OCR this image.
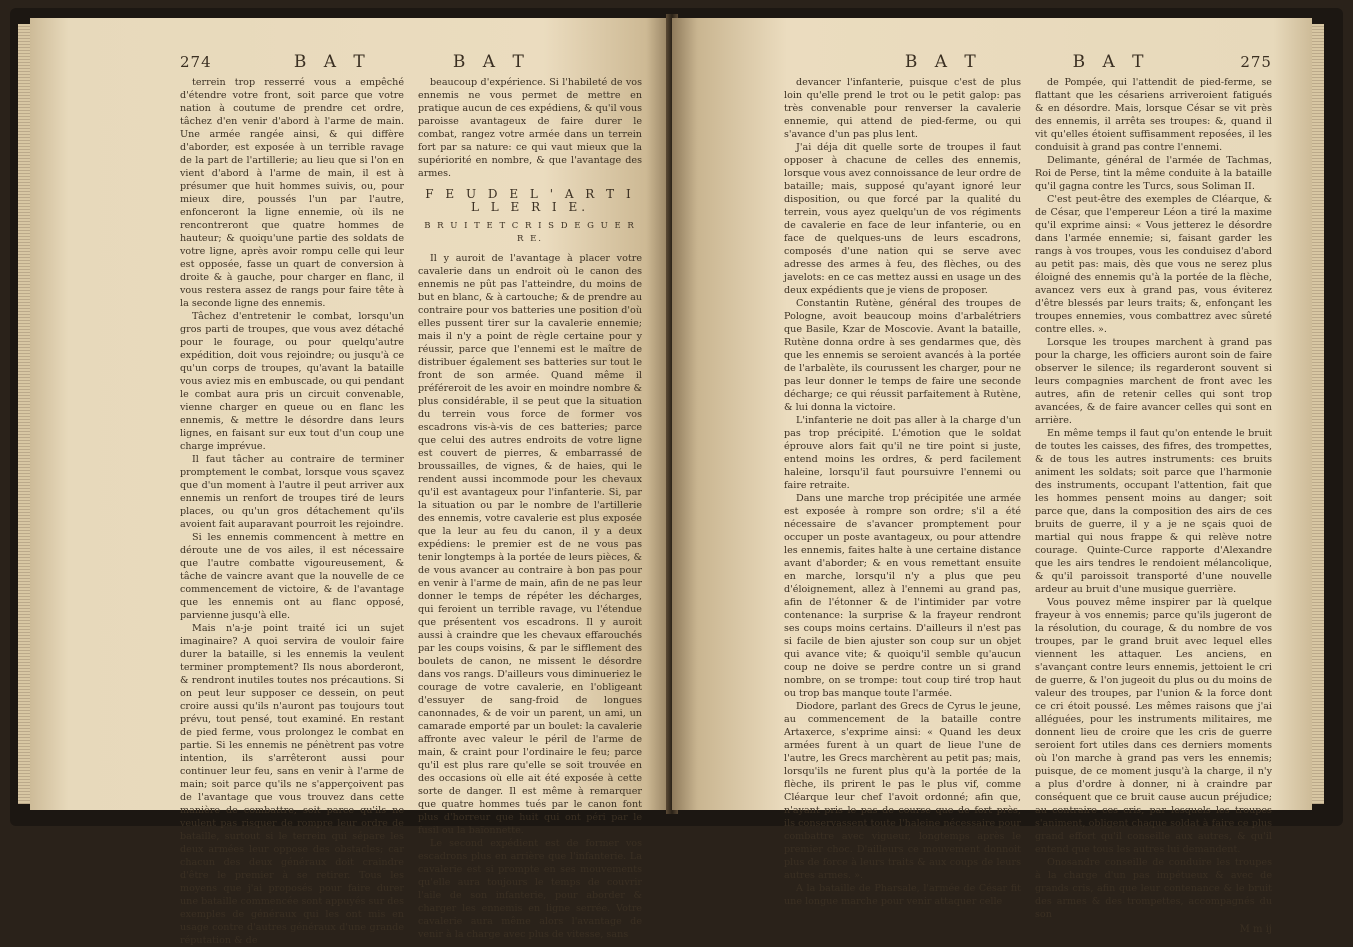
274	B A T	B A T

terrein trop resserré vous a empêché d'étendre votre front, soit parce que votre nation à coutume de prendre cet ordre, tâchez d'en venir d'abord à l'arme de main. Une armée rangée ainsi, & qui diffère d'aborder, est exposée à un terrible ravage de la part de l'artillerie; au lieu que si l'on en vient d'abord à l'arme de main, il est à présumer que huit hommes suivis, ou, pour mieux dire, poussés l'un par l'autre, enfonceront la ligne ennemie, où ils ne rencontreront que quatre hommes de hauteur; & quoiqu'une partie des soldats de votre ligne, après avoir rompu celle qui leur est opposée, fasse un quart de conversion à droite & à gauche, pour charger en flanc, il vous restera assez de rangs pour faire tête à la seconde ligne des ennemis.

Tâchez d'entretenir le combat, lorsqu'un gros parti de troupes, que vous avez détaché pour le fourage, ou pour quelqu'autre expédition, doit vous rejoindre; ou jusqu'à ce qu'un corps de troupes, qu'avant la bataille vous aviez mis en embuscade, ou qui pendant le combat aura pris un circuit convenable, vienne charger en queue ou en flanc les ennemis, & mettre le désordre dans leurs lignes, en faisant sur eux tout d'un coup une charge imprévue.

Il faut tâcher au contraire de terminer promptement le combat, lorsque vous sçavez que d'un moment à l'autre il peut arriver aux ennemis un renfort de troupes tiré de leurs places, ou qu'un gros détachement qu'ils avoient fait auparavant pourroit les rejoindre.

Si les ennemis commencent à mettre en déroute une de vos ailes, il est nécessaire que l'autre combatte vigoureusement, & tâche de vaincre avant que la nouvelle de ce commencement de victoire, & de l'avantage que les ennemis ont au flanc opposé, parvienne jusqu'à elle.

Mais n'a-je point traité ici un sujet imaginaire? A quoi servira de vouloir faire durer la bataille, si les ennemis la veulent terminer promptement? Ils nous aborderont, & rendront inutiles toutes nos précautions. Si on peut leur supposer ce dessein, on peut croire aussi qu'ils n'auront pas toujours tout prévu, tout pensé, tout examiné. En restant de pied ferme, vous prolongez le combat en partie. Si les ennemis ne pénètrent pas votre intention, ils s'arrêteront aussi pour continuer leur feu, sans en venir à l'arme de main; soit parce qu'ils ne s'apperçoivent pas de l'avantage que vous trouvez dans cette manière de combattre, soit parce qu'ils ne veulent pas risquer de rompre leur ordre de bataille, surtout si le terrein qui sépare les deux armées leur oppose des obstacles; car chacun des deux généraux doit craindre d'être le premier à se retirer. Tous les moyens que j'ai proposés pour faire durer une bataille commencée sont appuyés sur des exemples de généraux qui les ont mis en usage contre d'autres généraux d'une grande réputation & de

beaucoup d'expérience. Si l'habileté de vos ennemis ne vous permet de mettre en pratique aucun de ces expédiens, & qu'il vous paroisse avantageux de faire durer le combat, rangez votre armée dans un terrein fort par sa nature: ce qui vaut mieux que la supériorité en nombre, & que l'avantage des armes.

F E U D E L ' A R T I L L E R I E.
B R U I T E T C R I S D E G U E R R E.

Il y auroit de l'avantage à placer votre cavalerie dans un endroit où le canon des ennemis ne pût pas l'atteindre, du moins de but en blanc, & à cartouche; & de prendre au contraire pour vos batteries une position d'où elles pussent tirer sur la cavalerie ennemie; mais il n'y a point de règle certaine pour y réussir, parce que l'ennemi est le maître de distribuer également ses batteries sur tout le front de son armée. Quand même il préféreroit de les avoir en moindre nombre & plus considérable, il se peut que la situation du terrein vous force de former vos escadrons vis-à-vis de ces batteries; parce que celui des autres endroits de votre ligne est couvert de pierres, & embarrassé de broussailles, de vignes, & de haies, qui le rendent aussi incommode pour les chevaux qu'il est avantageux pour l'infanterie. Si, par la situation ou par le nombre de l'artillerie des ennemis, votre cavalerie est plus exposée que la leur au feu du canon, il y a deux expédiens: le premier est de ne vous pas tenir longtemps à la portée de leurs pièces, & de vous avancer au contraire à bon pas pour en venir à l'arme de main, afin de ne pas leur donner le temps de répéter les décharges, qui feroient un terrible ravage, vu l'étendue que présentent vos escadrons. Il y auroit aussi à craindre que les chevaux effarouchés par les coups voisins, & par le sifflement des boulets de canon, ne missent le désordre dans vos rangs. D'ailleurs vous diminueriez le courage de votre cavalerie, en l'obligeant d'essuyer de sang-froid de longues canonnades, & de voir un parent, un ami, un camarade emporté par un boulet: la cavalerie affronte avec valeur le péril de l'arme de main, & craint pour l'ordinaire le feu; parce qu'il est plus rare qu'elle se soit trouvée en des occasions où elle ait été exposée à cette sorte de danger. Il est même à remarquer que quatre hommes tués par le canon font plus d'horreur que huit qui ont péri par le fusil ou la baïonnette.

Le second expédient est de former vos escadrons plus en arrière que l'infanterie. La cavalerie est si prompte en ses mouvements qu'elle aura toujours le temps de couvrir l'aile de son infanterie, pour aborder & charger les ennemis en ligne serrée. Votre cavalerie aura même alors l'avantage de venir à la charge avec plus de vitesse, sans

B A T	B A T	275

devancer l'infanterie, puisque c'est de plus loin qu'elle prend le trot ou le petit galop: pas très convenable pour renverser la cavalerie ennemie, qui attend de pied-ferme, ou qui s'avance d'un pas plus lent.

J'ai déja dit quelle sorte de troupes il faut opposer à chacune de celles des ennemis, lorsque vous avez connoissance de leur ordre de bataille; mais, supposé qu'ayant ignoré leur disposition, ou que forcé par la qualité du terrein, vous ayez quelqu'un de vos régiments de cavalerie en face de leur infanterie, ou en face de quelques-uns de leurs escadrons, composés d'une nation qui se serve avec adresse des armes à feu, des flèches, ou des javelots: en ce cas mettez aussi en usage un des deux expédients que je viens de proposer.

Constantin Rutène, général des troupes de Pologne, avoit beaucoup moins d'arbalétriers que Basile, Kzar de Moscovie. Avant la bataille, Rutène donna ordre à ses gendarmes que, dès que les ennemis se seroient avancés à la portée de l'arbalète, ils courussent les charger, pour ne pas leur donner le temps de faire une seconde décharge; ce qui réussit parfaitement à Rutène, & lui donna la victoire.

L'infanterie ne doit pas aller à la charge d'un pas trop précipité. L'émotion que le soldat éprouve alors fait qu'il ne tire point si juste, entend moins les ordres, & perd facilement haleine, lorsqu'il faut poursuivre l'ennemi ou faire retraite.

Dans une marche trop précipitée une armée est exposée à rompre son ordre; s'il a été nécessaire de s'avancer promptement pour occuper un poste avantageux, ou pour attendre les ennemis, faites halte à une certaine distance avant d'aborder; & en vous remettant ensuite en marche, lorsqu'il n'y a plus que peu d'éloignement, allez à l'ennemi au grand pas, afin de l'étonner & de l'intimider par votre contenance: la surprise & la frayeur rendront ses coups moins certains. D'ailleurs il n'est pas si facile de bien ajuster son coup sur un objet qui avance vite; & quoiqu'il semble qu'aucun coup ne doive se perdre contre un si grand nombre, on se trompe: tout coup tiré trop haut ou trop bas manque toute l'armée.

Diodore, parlant des Grecs de Cyrus le jeune, au commencement de la bataille contre Artaxerce, s'exprime ainsi: « Quand les deux armées furent à un quart de lieue l'une de l'autre, les Grecs marchèrent au petit pas; mais, lorsqu'ils ne furent plus qu'à la portée de la flèche, ils prirent le pas le plus vif, comme Cléarque leur chef l'avoit ordonné; afin que, n'ayant pris le pas de course que de fort près, ils conservassent toute l'haleine nécessaire pour combattre avec vigueur, longtemps après le premier choc. D'ailleurs ce mouvement donnoit plus de force à leurs traits & aux coups de leurs autres armes. ».

A la bataille de Pharsale, l'armée de César fit une longue marche pour venir attaquer celle

de Pompée, qui l'attendit de pied-ferme, se flattant que les césariens arriveroient fatigués & en désordre. Mais, lorsque César se vit près des ennemis, il arrêta ses troupes: &, quand il vit qu'elles étoient suffisamment reposées, il les conduisit à grand pas contre l'ennemi.

Delimante, général de l'armée de Tachmas, Roi de Perse, tint la même conduite à la bataille qu'il gagna contre les Turcs, sous Soliman II.

C'est peut-être des exemples de Cléarque, & de César, que l'empereur Léon a tiré la maxime qu'il exprime ainsi: « Vous jetterez le désordre dans l'armée ennemie; si, faisant garder les rangs à vos troupes, vous les conduisez d'abord au petit pas: mais, dès que vous ne serez plus éloigné des ennemis qu'à la portée de la flèche, avancez vers eux à grand pas, vous éviterez d'être blessés par leurs traits; &, enfonçant les troupes ennemies, vous combattrez avec sûreté contre elles. ».

Lorsque les troupes marchent à grand pas pour la charge, les officiers auront soin de faire observer le silence; ils regarderont souvent si leurs compagnies marchent de front avec les autres, afin de retenir celles qui sont trop avancées, & de faire avancer celles qui sont en arrière.

En même temps il faut qu'on entende le bruit de toutes les caisses, des fifres, des trompettes, & de tous les autres instruments: ces bruits animent les soldats; soit parce que l'harmonie des instruments, occupant l'attention, fait que les hommes pensent moins au danger; soit parce que, dans la composition des airs de ces bruits de guerre, il y a je ne sçais quoi de martial qui nous frappe & qui relève notre courage. Quinte-Curce rapporte d'Alexandre que les airs tendres le rendoient mélancolique, & qu'il paroissoit transporté d'une nouvelle ardeur au bruit d'une musique guerrière.

Vous pouvez même inspirer par là quelque frayeur à vos ennemis; parce qu'ils jugeront de la résolution, du courage, & du nombre de vos troupes, par le grand bruit avec lequel elles viennent les attaquer. Les anciens, en s'avançant contre leurs ennemis, jettoient le cri de guerre, & l'on jugeoit du plus ou du moins de valeur des troupes, par l'union & la force dont ce cri étoit poussé. Les mêmes raisons que j'ai alléguées, pour les instruments militaires, me donnent lieu de croire que les cris de guerre seroient fort utiles dans ces derniers moments où l'on marche à grand pas vers les ennemis; puisque, de ce moment jusqu'à la charge, il n'y a plus d'ordre à donner, ni à craindre par conséquent que ce bruit cause aucun préjudice; au contraire ces cris, par lesquels les troupes s'animent, obligent chaque soldat à faire ce plus grand effort qu'il conseille aux autres, & qu'il entend que tous les autres lui demandent.

Onosandre conseille de conduire les troupes à la charge d'un pas impétueux & avec de grands cris, afin que leur contenance & le bruit des armes & des trompettes, accompagnés du son

M m ij
